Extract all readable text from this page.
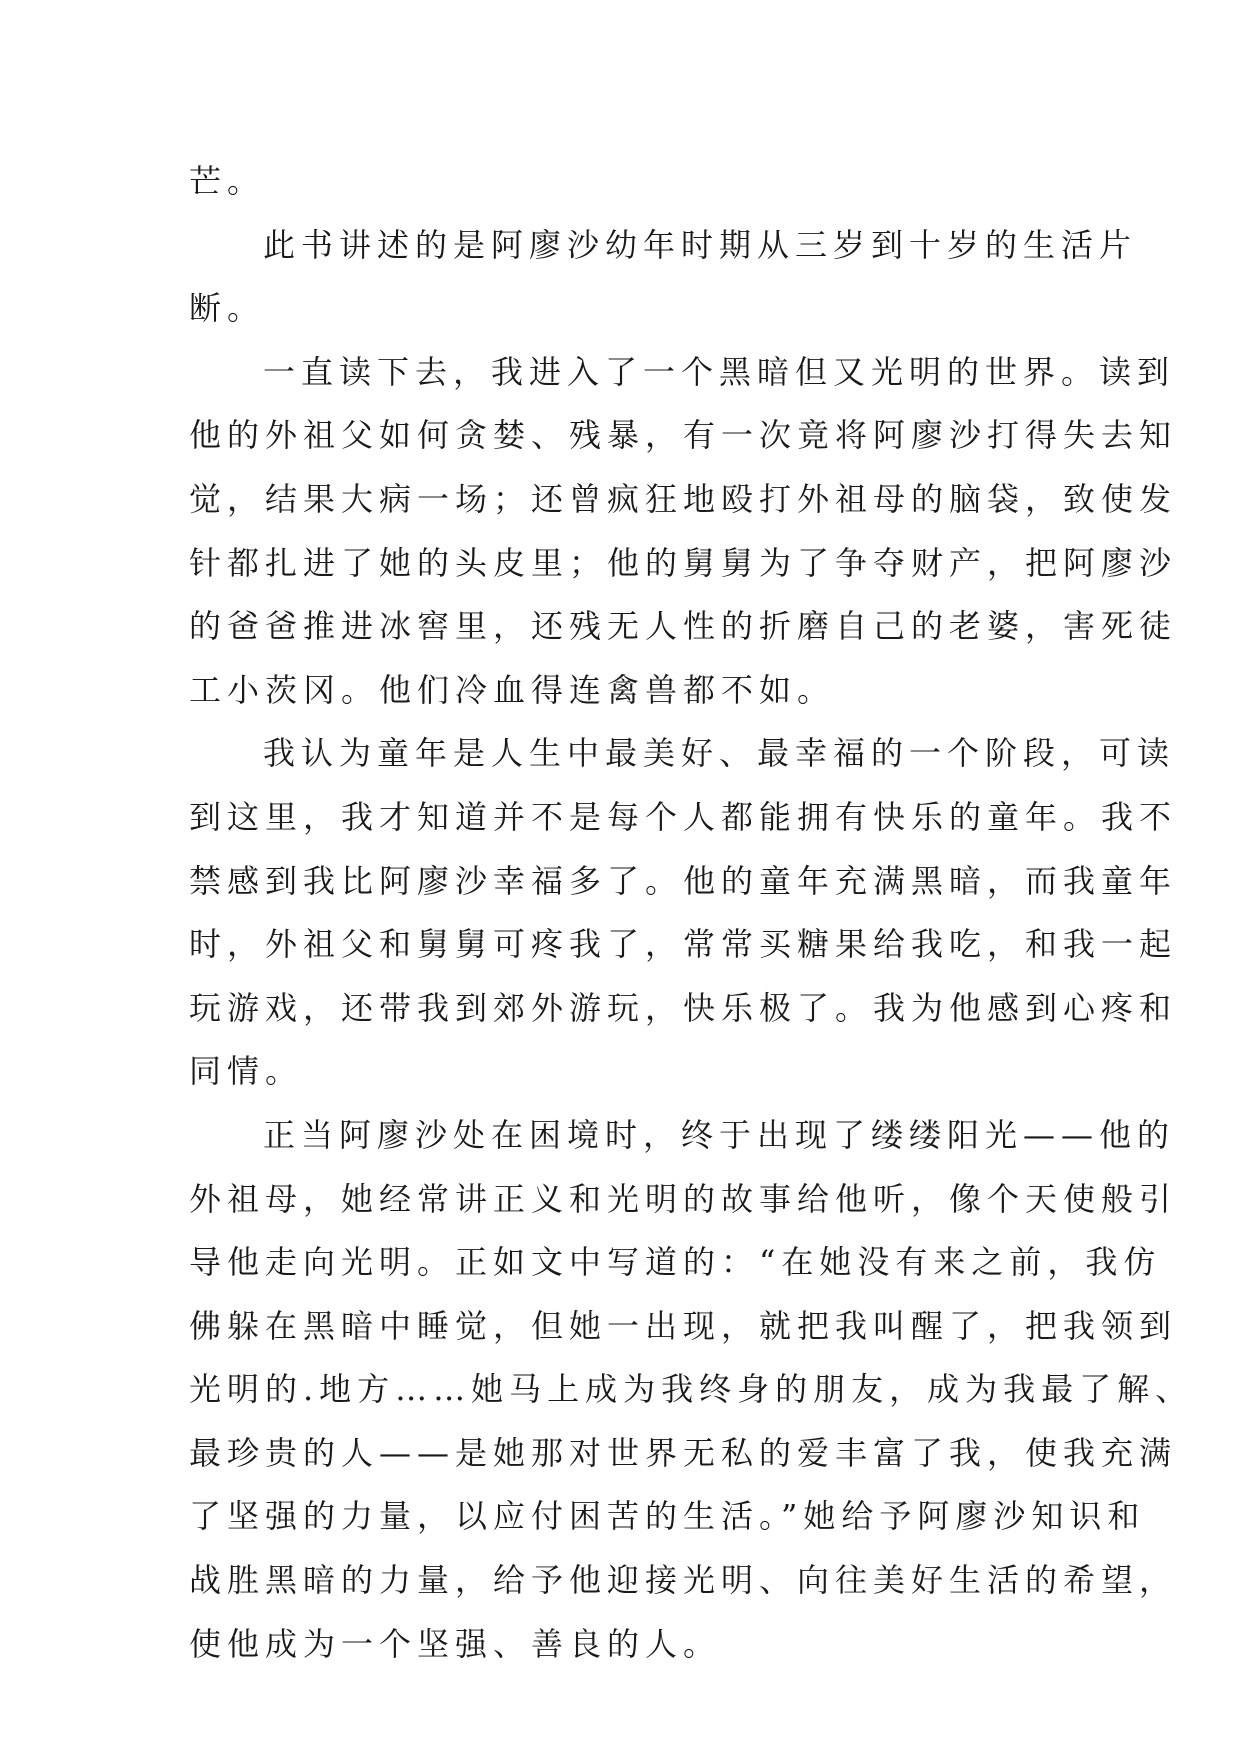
芒。
此书讲述的是阿廖沙幼年时期从三岁到十岁的生活片
断。
一直读下去，我进入了一个黑暗但又光明的世界。读到
他的外祖父如何贪婪、残暴，有一次竟将阿廖沙打得失去知
觉，结果大病一场；还曾疯狂地殴打外祖母的脑袋，致使发
针都扎进了她的头皮里；他的舅舅为了争夺财产，把阿廖沙
的爸爸推进冰窖里，还残无人性的折磨自己的老婆，害死徒
工小茨冈。他们冷血得连禽兽都不如。
我认为童年是人生中最美好、最幸福的一个阶段，可读
到这里，我才知道并不是每个人都能拥有快乐的童年。我不
禁感到我比阿廖沙幸福多了。他的童年充满黑暗，而我童年
时，外祖父和舅舅可疼我了，常常买糖果给我吃，和我一起
玩游戏，还带我到郊外游玩，快乐极了。我为他感到心疼和
同情。
正当阿廖沙处在困境时，终于出现了缕缕阳光——他的
外祖母，她经常讲正义和光明的故事给他听，像个天使般引
导他走向光明。正如文中写道的：“在她没有来之前，我仿
佛躲在黑暗中睡觉，但她一出现，就把我叫醒了，把我领到
光明的.地方……她马上成为我终身的朋友，成为我最了解、
最珍贵的人——是她那对世界无私的爱丰富了我，使我充满
了坚强的力量，以应付困苦的生活。”她给予阿廖沙知识和
战胜黑暗的力量，给予他迎接光明、向往美好生活的希望，
使他成为一个坚强、善良的人。
